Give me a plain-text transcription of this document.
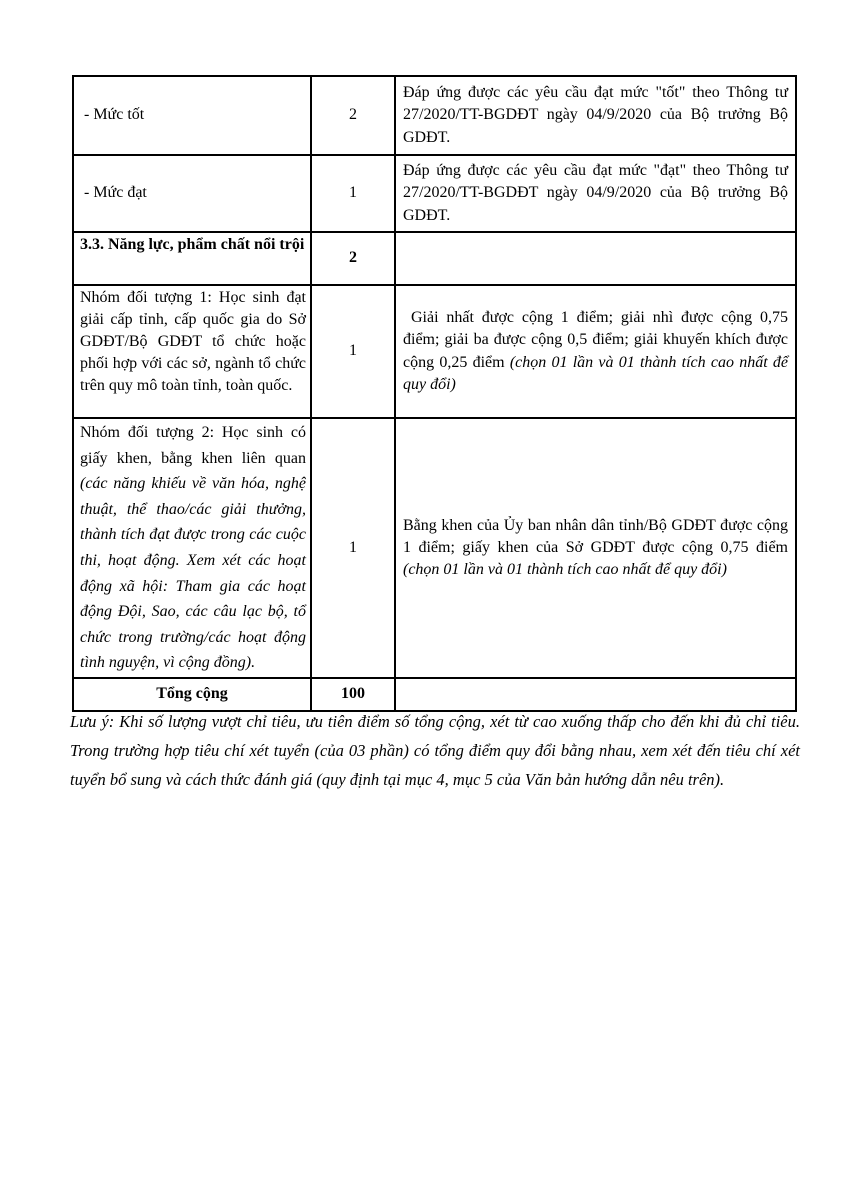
- Mức tốt	2	Đáp ứng được các yêu cầu đạt mức "tốt" theo Thông tư 27/2020/TT-BGDĐT ngày 04/9/2020 của Bộ trưởng Bộ GDĐT.
- Mức đạt	1	Đáp ứng được các yêu cầu đạt mức "đạt" theo Thông tư 27/2020/TT-BGDĐT ngày 04/9/2020 của Bộ trưởng Bộ GDĐT.
3.3. Năng lực, phẩm chất nổi trội	2	
Nhóm đối tượng 1: Học sinh đạt giải cấp tỉnh, cấp quốc gia do Sở GDĐT/Bộ GDĐT tổ chức hoặc phối hợp với các sở, ngành tổ chức trên quy mô toàn tỉnh, toàn quốc.	1	Giải nhất được cộng 1 điểm; giải nhì được cộng 0,75 điểm; giải ba được cộng 0,5 điểm; giải khuyến khích được cộng 0,25 điểm (chọn 01 lần và 01 thành tích cao nhất để quy đổi)

Nhóm đối tượng 2: Học sinh có giấy khen, bằng khen liên quan (các năng khiếu về văn hóa, nghệ thuật, thể thao/các giải thưởng, thành tích đạt được trong các cuộc thi, hoạt động. Xem xét các hoạt động xã hội: Tham gia các hoạt động Đội, Sao, các câu lạc bộ, tổ chức trong trường/các hoạt động tình nguyện, vì cộng đồng).	1	Bằng khen của Ủy ban nhân dân tỉnh/Bộ GDĐT được cộng 1 điểm; giấy khen của Sở GDĐT được cộng 0,75 điểm (chọn 01 lần và 01 thành tích cao nhất để quy đổi)
Tổng cộng	100	
Lưu ý: Khi số lượng vượt chỉ tiêu, ưu tiên điểm số tổng cộng, xét từ cao xuống thấp cho đến khi đủ chỉ tiêu. Trong trường hợp tiêu chí xét tuyển (của 03 phần) có tổng điểm quy đổi bằng nhau, xem xét đến tiêu chí xét tuyển bổ sung và cách thức đánh giá (quy định tại mục 4, mục 5 của Văn bản hướng dẫn nêu trên).
